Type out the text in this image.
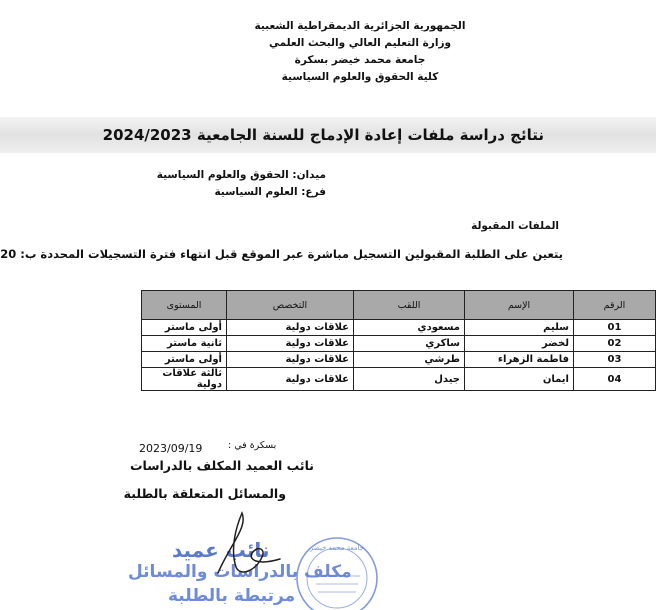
الجمهورية الجزائرية الديمقراطية الشعبية
وزارة التعليم العالي والبحث العلمي
جامعة محمد خيضر بسكرة
كلية الحقوق والعلوم السياسية
نتائج دراسة ملفات إعادة الإدماج للسنة الجامعية 2024/2023
ميدان: الحقوق والعلوم السياسية
فرع: العلوم السياسية
الملفات المقبولة
يتعين على الطلبة المقبولين التسجيل مباشرة عبر الموقع قبل انتهاء فترة التسجيلات المحددة ب: 20
الرقم	الإسم	اللقب	التخصص	المستوى
01	سليم	مسعودي	علاقات دولية	أولى ماستر
02	لخضر	ساكري	علاقات دولية	ثانية ماستر
03	فاطمة الزهراء	طرشي	علاقات دولية	أولى ماستر
04	ايمان	جيدل	علاقات دولية	ثالثة علاقات دولية
بسكرة في :
2023/09/19
نائب العميد المكلف بالدراسات
والمسائل المتعلقة بالطلبة
نائب عميد
مكلف بالدراسات والمسائل
مرتبطة بالطلبة
جامعة محمد خيضر
